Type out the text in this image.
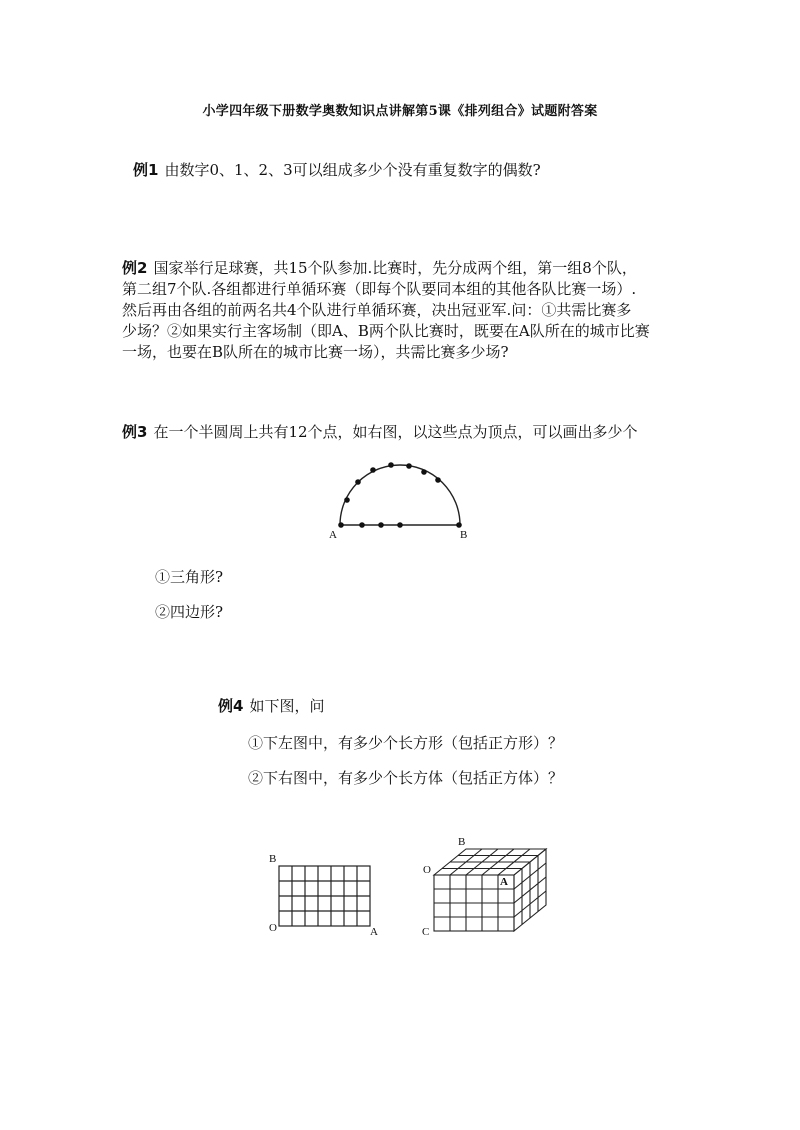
小学四年级下册数学奥数知识点讲解第5课《排列组合》试题附答案
例1 由数字0、1、2、3可以组成多少个没有重复数字的偶数?
例2 国家举行足球赛，共15个队参加.比赛时，先分成两个组，第一组8个队，
第二组7个队.各组都进行单循环赛（即每个队要同本组的其他各队比赛一场）.
然后再由各组的前两名共4个队进行单循环赛，决出冠亚军.问：①共需比赛多
少场？②如果实行主客场制（即A、B两个队比赛时，既要在A队所在的城市比赛
一场，也要在B队所在的城市比赛一场），共需比赛多少场?
例3 在一个半圆周上共有12个点，如右图，以这些点为顶点，可以画出多少个
A	B
①三角形?
②四边形?
例4 如下图，问
①下左图中，有多少个长方形（包括正方形）？
②下右图中，有多少个长方体（包括正方体）？
B
O	A
B
O
A
C
